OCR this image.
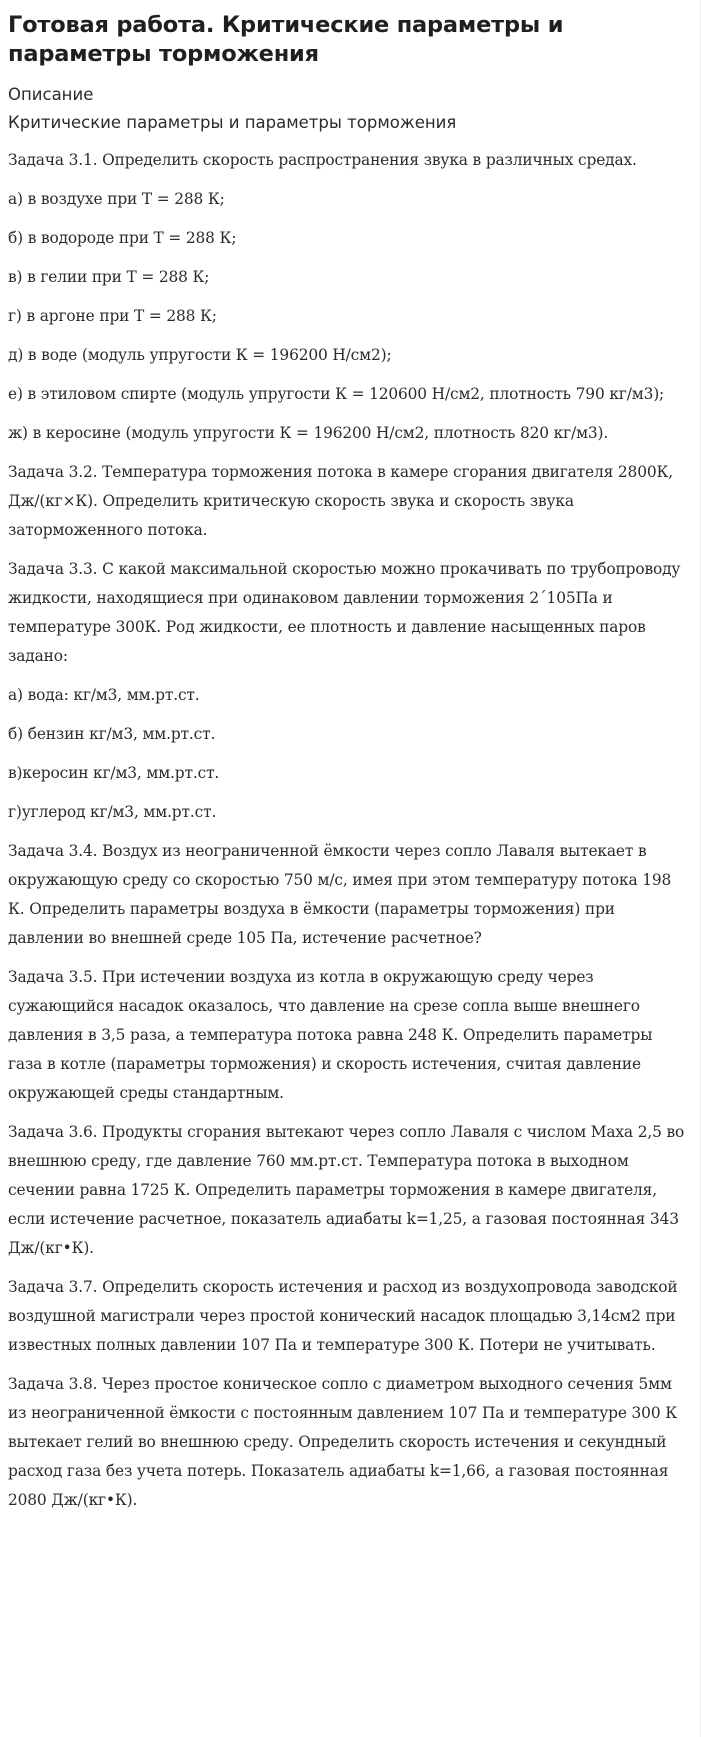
Готовая работа. Критические параметры и параметры торможения
Описание
Критические параметры и параметры торможения

Задача 3.1. Определить скорость распространения звука в различных средах.

а) в воздухе при Т = 288 К;

б) в водороде при Т = 288 К;

в) в гелии при Т = 288 К;

г) в аргоне при Т = 288 К;

д) в воде (модуль упругости К = 196200 Н/см2);

е) в этиловом спирте (модуль упругости К = 120600 Н/см2, плотность 790 кг/м3);

ж) в керосине (модуль упругости К = 196200 Н/см2, плотность 820 кг/м3).

Задача 3.2. Температура торможения потока в камере сгорания двигателя 2800К, Дж/(кг×К). Определить критическую скорость звука и скорость звука заторможенного потока.

Задача 3.3. С какой максимальной скоростью можно прокачивать по трубопроводу жидкости, находящиеся при одинаковом давлении торможения 2´105Па и температуре 300К. Род жидкости, ее плотность и давление насыщенных паров задано:

а) вода: кг/м3, мм.рт.ст.

б) бензин кг/м3, мм.рт.ст.

в)керосин кг/м3, мм.рт.ст.

г)углерод кг/м3, мм.рт.ст.

Задача 3.4. Воздух из неограниченной ёмкости через сопло Лаваля вытекает в окружающую среду со скоростью 750 м/с, имея при этом температуру потока 198 К. Определить параметры воздуха в ёмкости (параметры торможения) при давлении во внешней среде 105 Па, истечение расчетное?

Задача 3.5. При истечении воздуха из котла в окружающую среду через сужающийся насадок оказалось, что давление на срезе сопла выше внешнего давления в 3,5 раза, а температура потока равна 248 К. Определить параметры газа в котле (параметры торможения) и скорость истечения, считая давление окружающей среды стандартным.

Задача 3.6. Продукты сгорания вытекают через сопло Лаваля с числом Маха 2,5 во внешнюю среду, где давление 760 мм.рт.ст. Температура потока в выходном сечении равна 1725 К. Определить параметры торможения в камере двигателя, если истечение расчетное, показатель адиабаты k=1,25, а газовая постоянная 343 Дж/(кг•К).

Задача 3.7. Определить скорость истечения и расход из воздухопровода заводской воздушной магистрали через простой конический насадок площадью 3,14см2 при известных полных давлении 107 Па и температуре 300 К. Потери не учитывать.

Задача 3.8. Через простое коническое сопло с диаметром выходного сечения 5мм из неограниченной ёмкости с постоянным давлением 107 Па и температуре 300 К вытекает гелий во внешнюю среду. Определить скорость истечения и секундный расход газа без учета потерь. Показатель адиабаты k=1,66, а газовая постоянная 2080 Дж/(кг•К).
